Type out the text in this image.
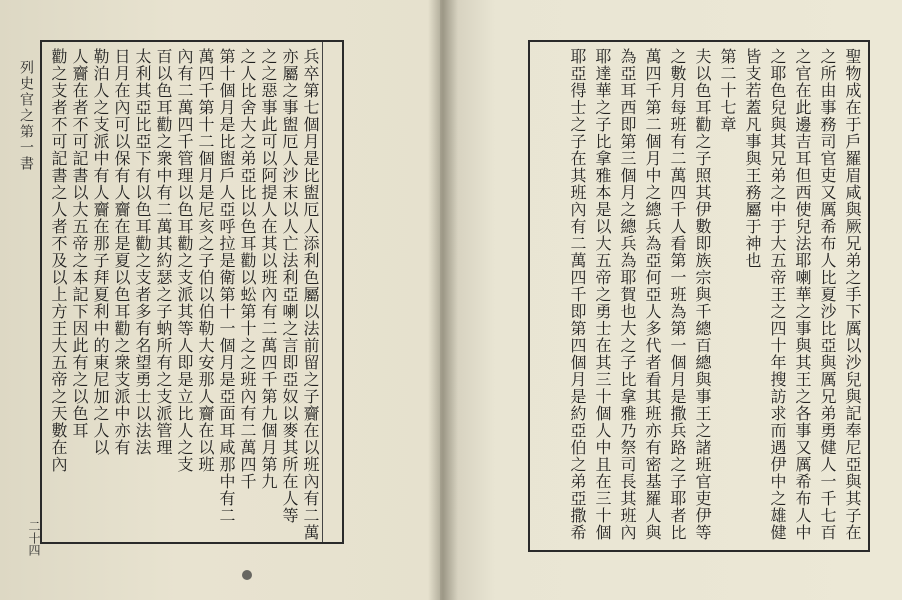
兵卒第七個月是比盥厄人添利色屬以法前留之子齎在以班內有二萬
亦屬之事盥厄人沙末以人亡法利亞喇之言即亞奴以麥其所在人等
之之惡事此可以阿提人在其以班內有二萬四千第九個月第九
之人比舍大之弟亞比以色耳勸以蚣第十之之班內有二萬四千
第十個月是比盥戶人亞呼拉是衛第十一個月是亞面耳咸那中有二
萬四千第十二個月是尼亥之子伯以伯勒大安那人齎在以班
內有二萬四千管理以色耳勸之支派其等人即是立比人之支
百以色耳勸之衆中有二萬其約瑟之子蚋所有之支派管理
太利其亞比亞下有以色耳勸之支者多有名望勇士以法法
日月在內可以保有人齎在是夏以色耳勸之衆支派中亦有
勒泊人之支派中有人齎在那子拜夏利中的東尼加之人以
人齎在者不可記書以大五帝之本記下因此有之以色耳
勸之支者不可記書之人者不及以上方王大五帝之天數在內
列史官之第一書
二十四
聖物成在于戶羅眉咸與厥兄弟之手下厲以沙兒與記奉尼亞與其子在
之所由事務司官吏又厲希布人比夏沙比亞與厲兄弟勇健人一千七百
之官在此邊吉耳但西使兒法耶喇華之事與其王之各事又厲希布人中
之耶色兒與其兄弟之中于大五帝王之四十年搜訪求而遇伊中之雄健
皆支若蓋凡事與王務屬于神也
第二十七章
夫以色耳勸之子照其伊數即族宗與千總百總與事王之諸班官吏伊等
之數月每班有二萬四千人看第一班為第一個月是撒兵路之子耶者比
萬四千第二個月中之總兵為亞何亞人多代者看其班亦有密基羅人與
為亞耳西即第三個月之總兵為耶賀也大之子比拿雅乃祭司長其班內
耶達華之子比拿雅本是以大五帝之勇士在其三十個人中且在三十個
耶亞得士之子在其班內有二萬四千即第四個月是約亞伯之弟亞撒希
